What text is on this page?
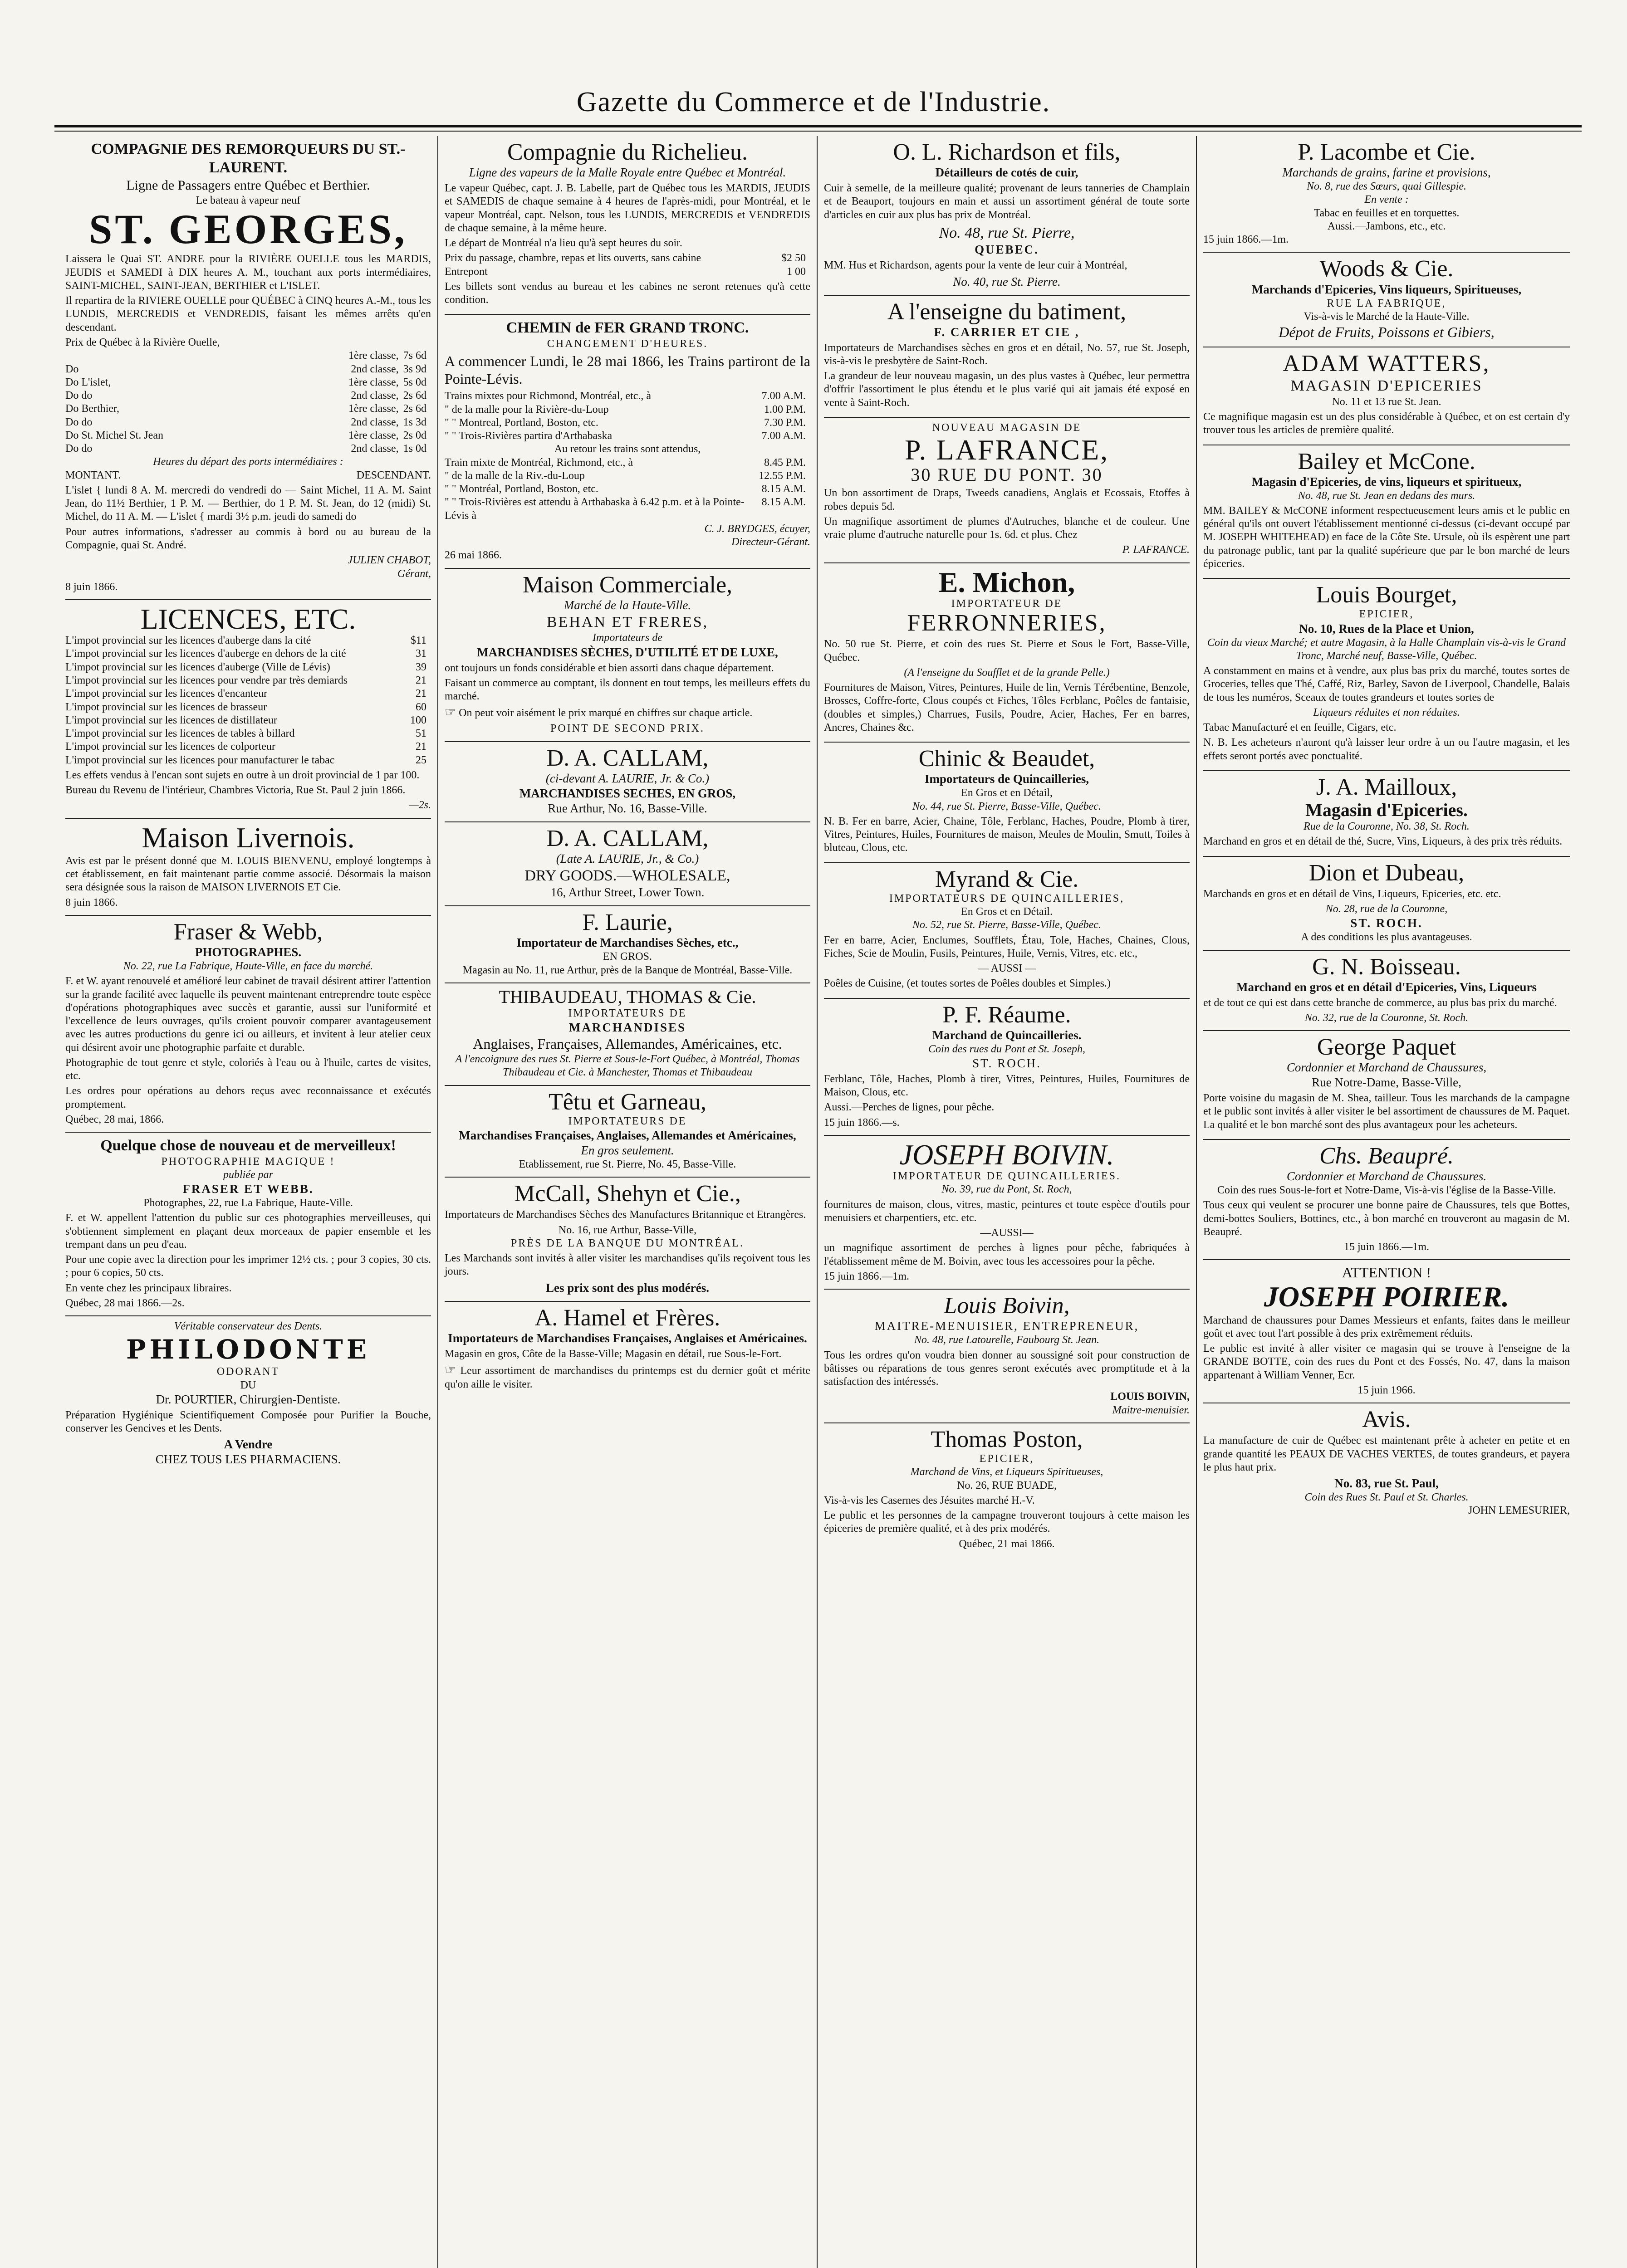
Gazette du Commerce et de l'Industrie.
COMPAGNIE DES REMORQUEURS DU ST.-LAURENT.
Ligne de Passagers entre Québec et Berthier.
Le bateau à vapeur neuf
ST. GEORGES,

Laissera le Quai ST. ANDRE pour la RIVIÈRE OUELLE tous les MARDIS, JEUDIS et SAMEDI à DIX heures A. M., touchant aux ports intermédiaires, SAINT-MICHEL, SAINT-JEAN, BERTHIER et L'ISLET.

Il repartira de la RIVIERE OUELLE pour QUÉBEC à CINQ heures A.-M., tous les LUNDIS, MERCREDIS et VENDREDIS, faisant les mêmes arrêts qu'en descendant.

Prix de Québec à la Rivière Ouelle,
1ère classe, 7s 6d
Do	2nd classe, 3s 9d
Do L'islet,	1ère classe, 5s 0d
Do do	2nd classe, 2s 6d
Do Berthier,	1ère classe, 2s 6d
Do do	2nd classe, 1s 3d
Do St. Michel St. Jean	1ère classe, 2s 0d
Do do	2nd classe, 1s 0d
Heures du départ des ports intermédiaires :
MONTANT.	DESCENDANT.

L'islet { lundi 8 A. M. mercredi do vendredi do — Saint Michel, 11 A. M. Saint Jean, do 11½ Berthier, 1 P. M. — Berthier, do 1 P. M. St. Jean, do 12 (midi) St. Michel, do 11 A. M. — L'islet { mardi 3½ p.m. jeudi do samedi do

Pour autres informations, s'adresser au commis à bord ou au bureau de la Compagnie, quai St. André.

JULIEN CHABOT,
Gérant,
8 juin 1866.
LICENCES, ETC.
L'impot provincial sur les licences d'auberge dans la cité	$11
L'impot provincial sur les licences d'auberge en dehors de la cité	31
L'impot provincial sur les licences d'auberge (Ville de Lévis)	39
L'impot provincial sur les licences pour vendre par très demiards	21
L'impot provincial sur les licences d'encanteur	21
L'impot provincial sur les licences de brasseur	60
L'impot provincial sur les licences de distillateur	100
L'impot provincial sur les licences de tables à billard	51
L'impot provincial sur les licences de colporteur	21
L'impot provincial sur les licences pour manufacturer le tabac	25

Les effets vendus à l'encan sont sujets en outre à un droit provincial de 1 par 100.

Bureau du Revenu de l'intérieur, Chambres Victoria, Rue St. Paul 2 juin 1866.

—2s.
Maison Livernois.

Avis est par le présent donné que M. LOUIS BIENVENU, employé longtemps à cet établissement, en fait maintenant partie comme associé. Désormais la maison sera désignée sous la raison de MAISON LIVERNOIS ET Cie.

8 juin 1866.
Fraser & Webb,
PHOTOGRAPHES.
No. 22, rue La Fabrique, Haute-Ville, en face du marché.

F. et W. ayant renouvelé et amélioré leur cabinet de travail désirent attirer l'attention sur la grande facilité avec laquelle ils peuvent maintenant entreprendre toute espèce d'opérations photographiques avec succès et garantie, aussi sur l'uniformité et l'excellence de leurs ouvrages, qu'ils croient pouvoir comparer avantageusement avec les autres productions du genre ici ou ailleurs, et invitent à leur atelier ceux qui désirent avoir une photographie parfaite et durable.

Photographie de tout genre et style, coloriés à l'eau ou à l'huile, cartes de visites, etc.

Les ordres pour opérations au dehors reçus avec reconnaissance et exécutés promptement.

Québec, 28 mai, 1866.
Quelque chose de nouveau et de merveilleux!
PHOTOGRAPHIE MAGIQUE !
publiée par
FRASER ET WEBB.
Photographes, 22, rue La Fabrique, Haute-Ville.

F. et W. appellent l'attention du public sur ces photographies merveilleuses, qui s'obtiennent simplement en plaçant deux morceaux de papier ensemble et les trempant dans un peu d'eau.

Pour une copie avec la direction pour les imprimer 12½ cts. ; pour 3 copies, 30 cts. ; pour 6 copies, 50 cts.

En vente chez les principaux libraires.

Québec, 28 mai 1866.—2s.
Véritable conservateur des Dents.
PHILODONTE
ODORANT
DU
Dr. POURTIER, Chirurgien-Dentiste.

Préparation Hygiénique Scientifiquement Composée pour Purifier la Bouche, conserver les Gencives et les Dents.

A Vendre
CHEZ TOUS LES PHARMACIENS.
Compagnie du Richelieu.
Ligne des vapeurs de la Malle Royale entre Québec et Montréal.

Le vapeur Québec, capt. J. B. Labelle, part de Québec tous les MARDIS, JEUDIS et SAMEDIS de chaque semaine à 4 heures de l'après-midi, pour Montréal, et le vapeur Montréal, capt. Nelson, tous les LUNDIS, MERCREDIS et VENDREDIS de chaque semaine, à la même heure.

Le départ de Montréal n'a lieu qu'à sept heures du soir.

Prix du passage, chambre, repas et lits ouverts, sans cabine	$2 50
Entrepont	1 00

Les billets sont vendus au bureau et les cabines ne seront retenues qu'à cette condition.

CHEMIN de FER GRAND TRONC.
CHANGEMENT D'HEURES.

A commencer Lundi, le 28 mai 1866, les Trains partiront de la Pointe-Lévis.

Trains mixtes pour Richmond, Montréal, etc., à	7.00 A.M.
" de la malle pour la Rivière-du-Loup	1.00 P.M.
" " Montreal, Portland, Boston, etc.	7.30 P.M.
" " Trois-Rivières partira d'Arthabaska	7.00 A.M.
Au retour les trains sont attendus,
Train mixte de Montréal, Richmond, etc., à	8.45 P.M.
" de la malle de la Riv.-du-Loup	12.55 P.M.
" " Montréal, Portland, Boston, etc.	8.15 A.M.
" " Trois-Rivières est attendu à Arthabaska à 6.42 p.m. et à la Pointe-Lévis à
8.15 A.M.
C. J. BRYDGES, écuyer,
Directeur-Gérant.
26 mai 1866.
Maison Commerciale,
Marché de la Haute-Ville.
BEHAN ET FRERES,
Importateurs de
MARCHANDISES SÈCHES, D'UTILITÉ ET DE LUXE,

ont toujours un fonds considérable et bien assorti dans chaque département.

Faisant un commerce au comptant, ils donnent en tout temps, les meilleurs effets du marché.

☞ On peut voir aisément le prix marqué en chiffres sur chaque article.

POINT DE SECOND PRIX.
D. A. CALLAM,
(ci-devant A. LAURIE, Jr. & Co.)
MARCHANDISES SECHES, EN GROS,
Rue Arthur, No. 16, Basse-Ville.
D. A. CALLAM,
(Late A. LAURIE, Jr., & Co.)
DRY GOODS.—WHOLESALE,
16, Arthur Street, Lower Town.
F. Laurie,
Importateur de Marchandises Sèches, etc.,
EN GROS.
Magasin au No. 11, rue Arthur, près de la Banque de Montréal, Basse-Ville.
THIBAUDEAU, THOMAS & Cie.
IMPORTATEURS DE
MARCHANDISES
Anglaises, Françaises, Allemandes, Américaines, etc.
A l'encoignure des rues St. Pierre et Sous-le-Fort Québec, à Montréal, Thomas Thibaudeau et Cie. à Manchester, Thomas et Thibaudeau
Têtu et Garneau,
IMPORTATEURS DE
Marchandises Françaises, Anglaises, Allemandes et Américaines,
En gros seulement.
Etablissement, rue St. Pierre, No. 45, Basse-Ville.
McCall, Shehyn et Cie.,

Importateurs de Marchandises Sèches des Manufactures Britannique et Etrangères.

No. 16, rue Arthur, Basse-Ville,
PRÈS DE LA BANQUE DU MONTRÉAL.

Les Marchands sont invités à aller visiter les marchandises qu'ils reçoivent tous les jours.

Les prix sont des plus modérés.
A. Hamel et Frères.
Importateurs de Marchandises Françaises, Anglaises et Américaines.

Magasin en gros, Côte de la Basse-Ville; Magasin en détail, rue Sous-le-Fort.

☞ Leur assortiment de marchandises du printemps est du dernier goût et mérite qu'on aille le visiter.

O. L. Richardson et fils,
Détailleurs de cotés de cuir,

Cuir à semelle, de la meilleure qualité; provenant de leurs tanneries de Champlain et de Beauport, toujours en main et aussi un assortiment général de toute sorte d'articles en cuir aux plus bas prix de Montréal.

No. 48, rue St. Pierre,
QUEBEC.

MM. Hus et Richardson, agents pour la vente de leur cuir à Montréal,

No. 40, rue St. Pierre.
A l'enseigne du batiment,
F. CARRIER ET CIE ,

Importateurs de Marchandises sèches en gros et en détail, No. 57, rue St. Joseph, vis-à-vis le presbytère de Saint-Roch.

La grandeur de leur nouveau magasin, un des plus vastes à Québec, leur permettra d'offrir l'assortiment le plus étendu et le plus varié qui ait jamais été exposé en vente à Saint-Roch.

NOUVEAU MAGASIN DE
P. LAFRANCE,
30 RUE DU PONT. 30

Un bon assortiment de Draps, Tweeds canadiens, Anglais et Ecossais, Etoffes à robes depuis 5d.

Un magnifique assortiment de plumes d'Autruches, blanche et de couleur. Une vraie plume d'autruche naturelle pour 1s. 6d. et plus. Chez

P. LAFRANCE.
E. Michon,
IMPORTATEUR DE
FERRONNERIES,

No. 50 rue St. Pierre, et coin des rues St. Pierre et Sous le Fort, Basse-Ville, Québec.

(A l'enseigne du Soufflet et de la grande Pelle.)

Fournitures de Maison, Vitres, Peintures, Huile de lin, Vernis Térébentine, Benzole, Brosses, Coffre-forte, Clous coupés et Fiches, Tôles Ferblanc, Poêles de fantaisie, (doubles et simples,) Charrues, Fusils, Poudre, Acier, Haches, Fer en barres, Ancres, Chaines &c.

Chinic & Beaudet,
Importateurs de Quincailleries,
En Gros et en Détail,
No. 44, rue St. Pierre, Basse-Ville, Québec.

N. B. Fer en barre, Acier, Chaine, Tôle, Ferblanc, Haches, Poudre, Plomb à tirer, Vitres, Peintures, Huiles, Fournitures de maison, Meules de Moulin, Smutt, Toiles à bluteau, Clous, etc.

Myrand & Cie.
IMPORTATEURS DE QUINCAILLERIES,
En Gros et en Détail.
No. 52, rue St. Pierre, Basse-Ville, Québec.

Fer en barre, Acier, Enclumes, Soufflets, Étau, Tole, Haches, Chaines, Clous, Fiches, Scie de Moulin, Fusils, Peintures, Huile, Vernis, Vitres, etc. etc.,

— AUSSI —

Poêles de Cuisine, (et toutes sortes de Poêles doubles et Simples.)

P. F. Réaume.
Marchand de Quincailleries.
Coin des rues du Pont et St. Joseph,
ST. ROCH.

Ferblanc, Tôle, Haches, Plomb à tirer, Vitres, Peintures, Huiles, Fournitures de Maison, Clous, etc.

Aussi.—Perches de lignes, pour pêche.

15 juin 1866.—s.
JOSEPH BOIVIN.
IMPORTATEUR DE QUINCAILLERIES.
No. 39, rue du Pont, St. Roch,

fournitures de maison, clous, vitres, mastic, peintures et toute espèce d'outils pour menuisiers et charpentiers, etc. etc.

—AUSSI—

un magnifique assortiment de perches à lignes pour pêche, fabriquées à l'établissement même de M. Boivin, avec tous les accessoires pour la pêche.

15 juin 1866.—1m.
Louis Boivin,
MAITRE-MENUISIER, ENTREPRENEUR,
No. 48, rue Latourelle, Faubourg St. Jean.

Tous les ordres qu'on voudra bien donner au soussigné soit pour construction de bâtisses ou réparations de tous genres seront exécutés avec promptitude et à la satisfaction des intéressés.

LOUIS BOIVIN,
Maitre-menuisier.
Thomas Poston,
EPICIER,
Marchand de Vins, et Liqueurs Spiritueuses,
No. 26, RUE BUADE,

Vis-à-vis les Casernes des Jésuites marché H.-V.

Le public et les personnes de la campagne trouveront toujours à cette maison les épiceries de première qualité, et à des prix modérés.

Québec, 21 mai 1866.
P. Lacombe et Cie.
Marchands de grains, farine et provisions,
No. 8, rue des Sœurs, quai Gillespie.
En vente :
Tabac en feuilles et en torquettes.
Aussi.—Jambons, etc., etc.
15 juin 1866.—1m.
Woods & Cie.
Marchands d'Epiceries, Vins liqueurs, Spiritueuses,
RUE LA FABRIQUE,
Vis-à-vis le Marché de la Haute-Ville.
Dépot de Fruits, Poissons et Gibiers,
ADAM WATTERS,
MAGASIN D'EPICERIES
No. 11 et 13 rue St. Jean.

Ce magnifique magasin est un des plus considérable à Québec, et on est certain d'y trouver tous les articles de première qualité.

Bailey et McCone.
Magasin d'Epiceries, de vins, liqueurs et spiritueux,
No. 48, rue St. Jean en dedans des murs.

MM. BAILEY & McCONE informent respectueusement leurs amis et le public en général qu'ils ont ouvert l'établissement mentionné ci-dessus (ci-devant occupé par M. JOSEPH WHITEHEAD) en face de la Côte Ste. Ursule, où ils espèrent une part du patronage public, tant par la qualité supérieure que par le bon marché de leurs épiceries.

Louis Bourget,
EPICIER,
No. 10, Rues de la Place et Union,
Coin du vieux Marché; et autre Magasin, à la Halle Champlain vis-à-vis le Grand Tronc, Marché neuf, Basse-Ville, Québec.

A constamment en mains et à vendre, aux plus bas prix du marché, toutes sortes de Groceries, telles que Thé, Caffé, Riz, Barley, Savon de Liverpool, Chandelle, Balais de tous les numéros, Sceaux de toutes grandeurs et toutes sortes de

Liqueurs réduites et non réduites.

Tabac Manufacturé et en feuille, Cigars, etc.

N. B. Les acheteurs n'auront qu'à laisser leur ordre à un ou l'autre magasin, et les effets seront portés avec ponctualité.

J. A. Mailloux,
Magasin d'Epiceries.
Rue de la Couronne, No. 38, St. Roch.

Marchand en gros et en détail de thé, Sucre, Vins, Liqueurs, à des prix très réduits.

Dion et Dubeau,

Marchands en gros et en détail de Vins, Liqueurs, Epiceries, etc. etc.

No. 28, rue de la Couronne,
ST. ROCH.
A des conditions les plus avantageuses.
G. N. Boisseau.
Marchand en gros et en détail d'Epiceries, Vins, Liqueurs

et de tout ce qui est dans cette branche de commerce, au plus bas prix du marché.

No. 32, rue de la Couronne, St. Roch.
George Paquet
Cordonnier et Marchand de Chaussures,
Rue Notre-Dame, Basse-Ville,

Porte voisine du magasin de M. Shea, tailleur. Tous les marchands de la campagne et le public sont invités à aller visiter le bel assortiment de chaussures de M. Paquet. La qualité et le bon marché sont des plus avantageux pour les acheteurs.

Chs. Beaupré.
Cordonnier et Marchand de Chaussures.
Coin des rues Sous-le-fort et Notre-Dame, Vis-à-vis l'église de la Basse-Ville.

Tous ceux qui veulent se procurer une bonne paire de Chaussures, tels que Bottes, demi-bottes Souliers, Bottines, etc., à bon marché en trouveront au magasin de M. Beaupré.

15 juin 1866.—1m.
ATTENTION !
JOSEPH POIRIER.

Marchand de chaussures pour Dames Messieurs et enfants, faites dans le meilleur goût et avec tout l'art possible à des prix extrêmement réduits.

Le public est invité à aller visiter ce magasin qui se trouve à l'enseigne de la GRANDE BOTTE, coin des rues du Pont et des Fossés, No. 47, dans la maison appartenant à William Venner, Ecr.

15 juin 1966.
Avis.

La manufacture de cuir de Québec est maintenant prête à acheter en petite et en grande quantité les PEAUX DE VACHES VERTES, de toutes grandeurs, et payera le plus haut prix.

No. 83, rue St. Paul,
Coin des Rues St. Paul et St. Charles.
JOHN LEMESURIER,
